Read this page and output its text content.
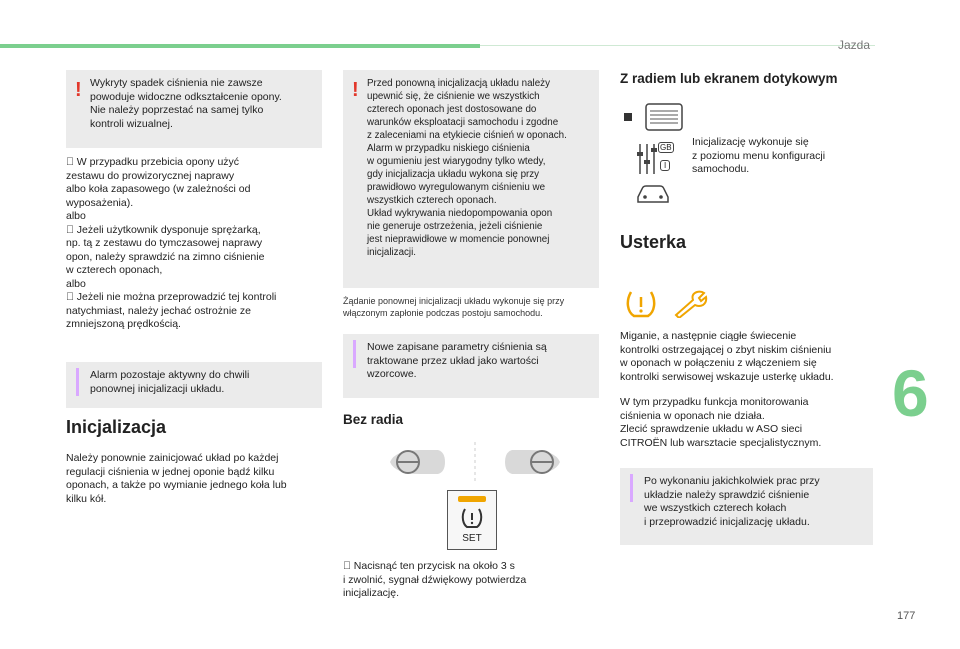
Jazda
6
177
! Wykryty spadek ciśnienia nie zawsze
powoduje widoczne odkształcenie opony.
Nie należy poprzestać na samej tylko
kontroli wizualnej.
W przypadku przebicia opony użyć
zestawu do prowizorycznej naprawy
albo koła zapasowego (w zależności od
wyposażenia).
albo
Jeżeli użytkownik dysponuje sprężarką,
np. tą z zestawu do tymczasowej naprawy
opon, należy sprawdzić na zimno ciśnienie
w czterech oponach,
albo
Jeżeli nie można przeprowadzić tej kontroli
natychmiast, należy jechać ostrożnie ze
zmniejszoną prędkością.
Alarm pozostaje aktywny do chwili
ponownej inicjalizacji układu.
Inicjalizacja
Należy ponownie zainicjować układ po każdej
regulacji ciśnienia w jednej oponie bądź kilku
oponach, a także po wymianie jednego koła lub
kilku kół.
! Przed ponowną inicjalizacją układu należy
upewnić się, że ciśnienie we wszystkich
czterech oponach jest dostosowane do
warunków eksploatacji samochodu i zgodne
z zaleceniami na etykiecie ciśnień w oponach.
Alarm w przypadku niskiego ciśnienia
w ogumieniu jest wiarygodny tylko wtedy,
gdy inicjalizacja układu wykona się przy
prawidłowo wyregulowanym ciśnieniu we
wszystkich czterech oponach.
Układ wykrywania niedopompowania opon
nie generuje ostrzeżenia, jeżeli ciśnienie
jest nieprawidłowe w momencie ponownej
inicjalizacji.
Żądanie ponownej inicjalizacji układu wykonuje się przy
włączonym zapłonie podczas postoju samochodu.
Nowe zapisane parametry ciśnienia są
traktowane przez układ jako wartości
wzorcowe.
Bez radia
SET
Nacisnąć ten przycisk na około 3 s
i zwolnić, sygnał dźwiękowy potwierdza
inicjalizację.
Z radiem lub ekranem dotykowym
GB
I
Inicjalizację wykonuje się
z poziomu menu konfiguracji
samochodu.
Usterka
Miganie, a następnie ciągłe świecenie
kontrolki ostrzegającej o zbyt niskim ciśnieniu
w oponach w połączeniu z włączeniem się
kontrolki serwisowej wskazuje usterkę układu.
W tym przypadku funkcja monitorowania
ciśnienia w oponach nie działa.
Zlecić sprawdzenie układu w ASO sieci
CITROËN lub warsztacie specjalistycznym.
Po wykonaniu jakichkolwiek prac przy
układzie należy sprawdzić ciśnienie
we wszystkich czterech kołach
i przeprowadzić inicjalizację układu.
